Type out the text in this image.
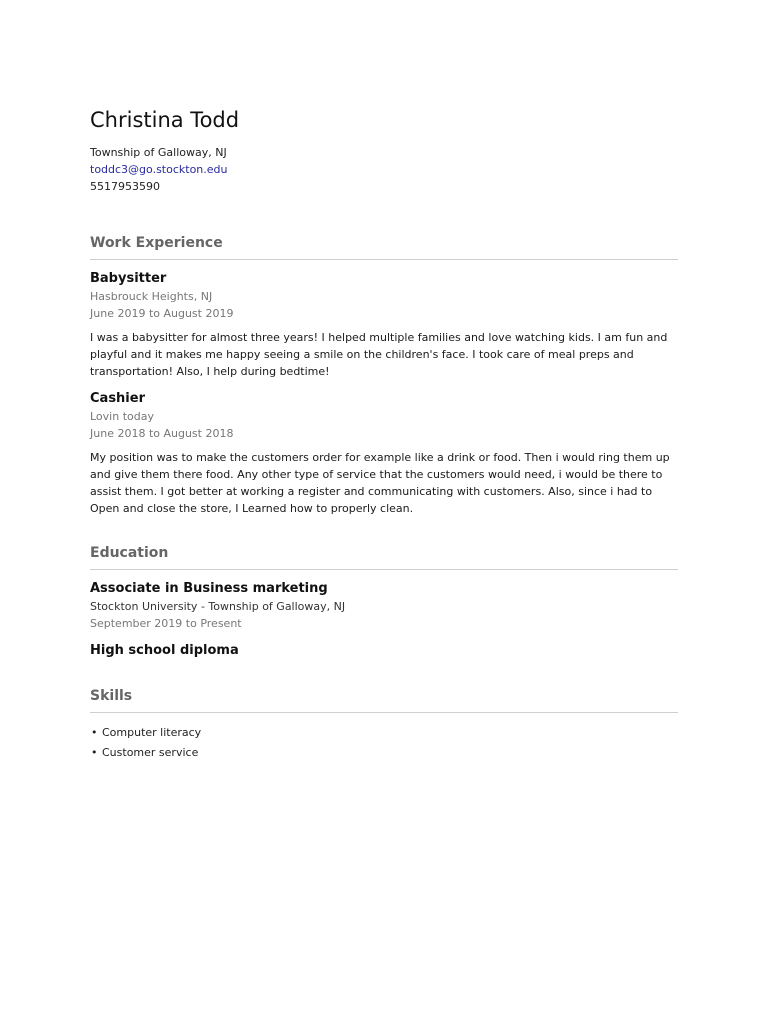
Christina Todd
Township of Galloway, NJ
toddc3@go.stockton.edu
5517953590
Work Experience
Babysitter
Hasbrouck Heights, NJ
June 2019 to August 2019
I was a babysitter for almost three years! I helped multiple families and love watching kids. I am fun and playful and it makes me happy seeing a smile on the children's face. I took care of meal preps and transportation! Also, I help during bedtime!
Cashier
Lovin today
June 2018 to August 2018
My position was to make the customers order for example like a drink or food. Then i would ring them up and give them there food. Any other type of service that the customers would need, i would be there to assist them. I got better at working a register and communicating with customers. Also, since i had to Open and close the store, I Learned how to properly clean.
Education
Associate in Business marketing
Stockton University - Township of Galloway, NJ
September 2019 to Present
High school diploma
Skills
• Computer literacy
• Customer service
